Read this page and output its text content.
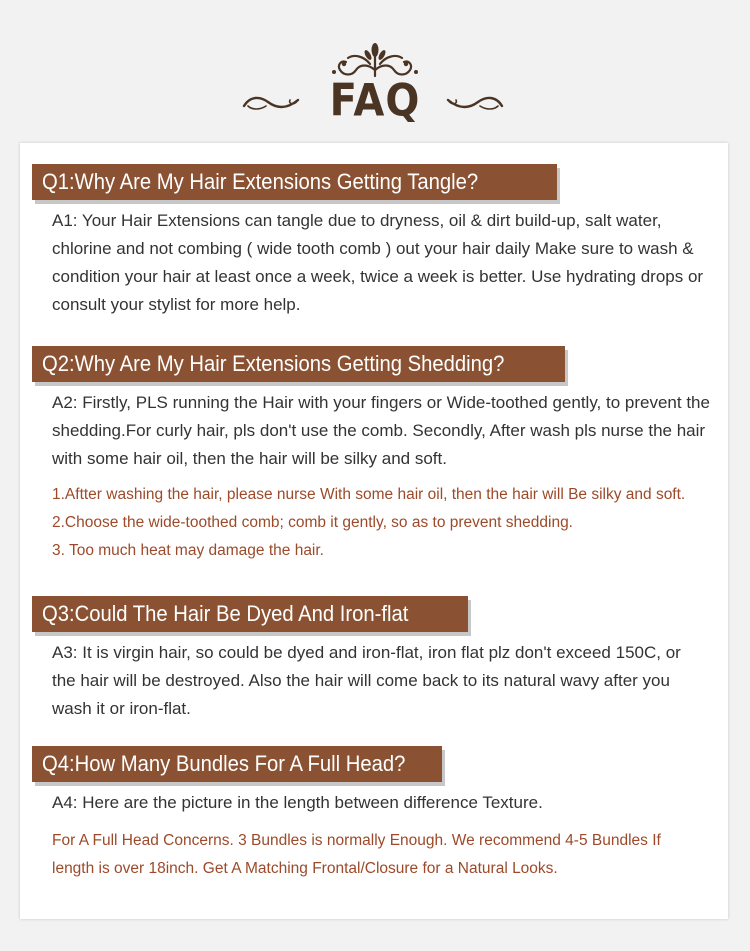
FAQ
Q1:Why Are My Hair Extensions Getting Tangle?
A1: Your Hair Extensions can tangle due to dryness, oil & dirt build-up, salt water,
chlorine and not combing ( wide tooth comb ) out your hair daily Make sure to wash &
condition your hair at least once a week, twice a week is better. Use hydrating drops or
consult your stylist for more help.
Q2:Why Are My Hair Extensions Getting Shedding?
A2: Firstly, PLS running the Hair with your fingers or Wide-toothed gently, to prevent the
shedding.For curly hair, pls don't use the comb. Secondly, After wash pls nurse the hair
with some hair oil, then the hair will be silky and soft.
1.Aftter washing the hair, please nurse With some hair oil, then the hair will Be silky and soft.
2.Choose the wide-toothed comb; comb it gently, so as to prevent shedding.
3. Too much heat may damage the hair.
Q3:Could The Hair Be Dyed And Iron-flat
A3: It is virgin hair, so could be dyed and iron-flat, iron flat plz don't exceed 150C, or
the hair will be destroyed. Also the hair will come back to its natural wavy after you
wash it or iron-flat.
Q4:How Many Bundles For A Full Head?
A4: Here are the picture in the length between difference Texture.
For A Full Head Concerns. 3 Bundles is normally Enough. We recommend 4-5 Bundles If
length is over 18inch. Get A Matching Frontal/Closure for a Natural Looks.
